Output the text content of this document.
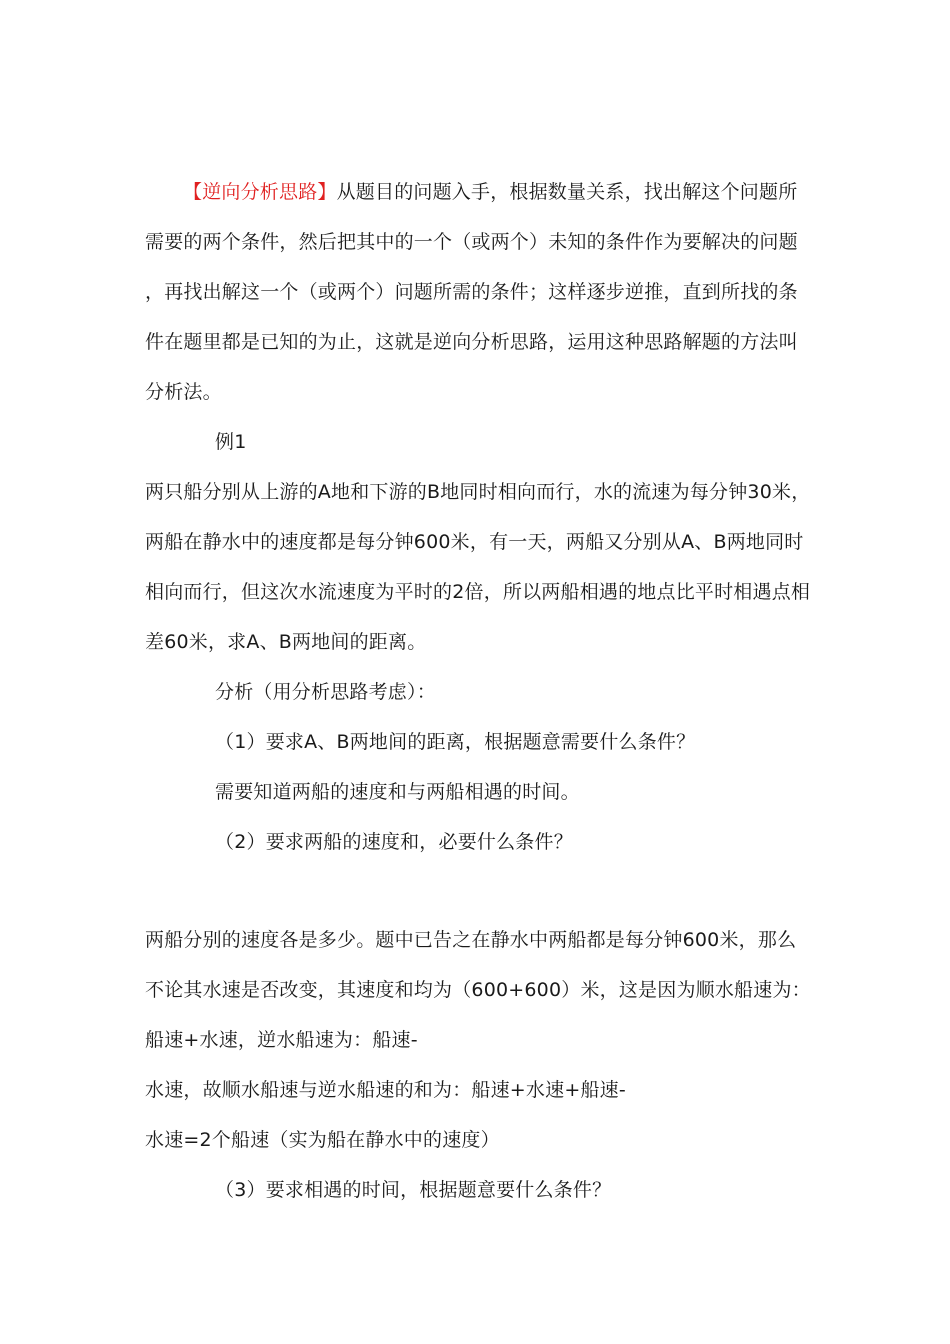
【逆向分析思路】从题目的问题入手，根据数量关系，找出解这个问题所
需要的两个条件，然后把其中的一个（或两个）未知的条件作为要解决的问题
，再找出解这一个（或两个）问题所需的条件；这样逐步逆推，直到所找的条
件在题里都是已知的为止，这就是逆向分析思路，运用这种思路解题的方法叫
分析法。
例1
两只船分别从上游的A地和下游的B地同时相向而行，水的流速为每分钟30米，
两船在静水中的速度都是每分钟600米，有一天，两船又分别从A、B两地同时
相向而行，但这次水流速度为平时的2倍，所以两船相遇的地点比平时相遇点相
差60米，求A、B两地间的距离。
分析（用分析思路考虑）：
（1）要求A、B两地间的距离，根据题意需要什么条件？
需要知道两船的速度和与两船相遇的时间。
（2）要求两船的速度和，必要什么条件？
两船分别的速度各是多少。题中已告之在静水中两船都是每分钟600米，那么
不论其水速是否改变，其速度和均为（600+600）米，这是因为顺水船速为：
船速+水速，逆水船速为：船速-
水速，故顺水船速与逆水船速的和为：船速+水速+船速-
水速=2个船速（实为船在静水中的速度）
（3）要求相遇的时间，根据题意要什么条件？
